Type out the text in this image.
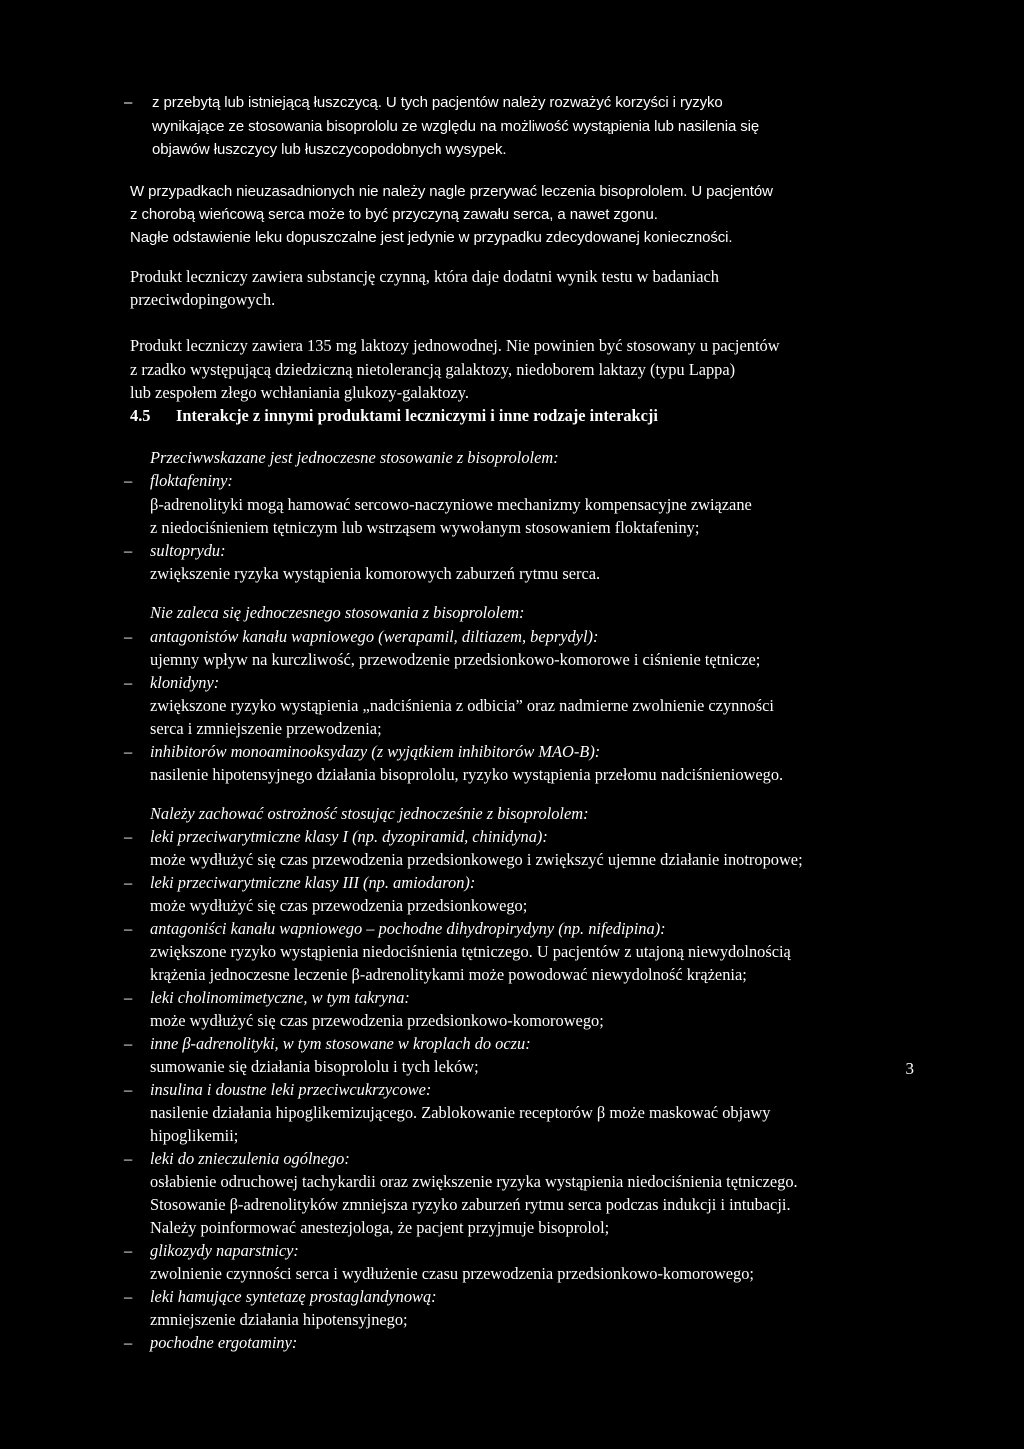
– z przebytą lub istniejącą łuszczycą. U tych pacjentów należy rozważyć korzyści i ryzyko
wynikające ze stosowania bisoprololu ze względu na możliwość wystąpienia lub nasilenia się
objawów łuszczycy lub łuszczycopodobnych wysypek.
W przypadkach nieuzasadnionych nie należy nagle przerywać leczenia bisoprololem. U pacjentów
z chorobą wieńcową serca może to być przyczyną zawału serca, a nawet zgonu.
Nagłe odstawienie leku dopuszczalne jest jedynie w przypadku zdecydowanej konieczności.
Produkt leczniczy zawiera substancję czynną, która daje dodatni wynik testu w badaniach
przeciwdopingowych.
Produkt leczniczy zawiera 135 mg laktozy jednowodnej. Nie powinien być stosowany u pacjentów
z rzadko występującą dziedziczną nietolerancją galaktozy, niedoborem laktazy (typu Lappa)
lub zespołem złego wchłaniania glukozy-galaktozy.
4.5 Interakcje z innymi produktami leczniczymi i inne rodzaje interakcji
Przeciwwskazane jest jednoczesne stosowanie z bisoprololem:
– floktafeniny:
β-adrenolityki mogą hamować sercowo-naczyniowe mechanizmy kompensacyjne związane
z niedociśnieniem tętniczym lub wstrząsem wywołanym stosowaniem floktafeniny;
– sultoprydu:
zwiększenie ryzyka wystąpienia komorowych zaburzeń rytmu serca.
Nie zaleca się jednoczesnego stosowania z bisoprololem:
– antagonistów kanału wapniowego (werapamil, diltiazem, beprydyl):
ujemny wpływ na kurczliwość, przewodzenie przedsionkowo-komorowe i ciśnienie tętnicze;
– klonidyny:
zwiększone ryzyko wystąpienia „nadciśnienia z odbicia” oraz nadmierne zwolnienie czynności
serca i zmniejszenie przewodzenia;
– inhibitorów monoaminooksydazy (z wyjątkiem inhibitorów MAO-B):
nasilenie hipotensyjnego działania bisoprololu, ryzyko wystąpienia przełomu nadciśnieniowego.
Należy zachować ostrożność stosując jednocześnie z bisoprololem:
– leki przeciwarytmiczne klasy I (np. dyzopiramid, chinidyna):
może wydłużyć się czas przewodzenia przedsionkowego i zwiększyć ujemne działanie inotropowe;
– leki przeciwarytmiczne klasy III (np. amiodaron):
może wydłużyć się czas przewodzenia przedsionkowego;
– antagoniści kanału wapniowego – pochodne dihydropirydyny (np. nifedipina):
zwiększone ryzyko wystąpienia niedociśnienia tętniczego. U pacjentów z utajoną niewydolnością
krążenia jednoczesne leczenie β-adrenolitykami może powodować niewydolność krążenia;
– leki cholinomimetyczne, w tym takryna:
może wydłużyć się czas przewodzenia przedsionkowo-komorowego;
– inne β-adrenolityki, w tym stosowane w kroplach do oczu:
sumowanie się działania bisoprololu i tych leków;
– insulina i doustne leki przeciwcukrzycowe:
nasilenie działania hipoglikemizującego. Zablokowanie receptorów β może maskować objawy
hipoglikemii;
– leki do znieczulenia ogólnego:
osłabienie odruchowej tachykardii oraz zwiększenie ryzyka wystąpienia niedociśnienia tętniczego.
Stosowanie β-adrenolityków zmniejsza ryzyko zaburzeń rytmu serca podczas indukcji i intubacji.
Należy poinformować anestezjologa, że pacjent przyjmuje bisoprolol;
– glikozydy naparstnicy:
zwolnienie czynności serca i wydłużenie czasu przewodzenia przedsionkowo-komorowego;
– leki hamujące syntetazę prostaglandynową:
zmniejszenie działania hipotensyjnego;
– pochodne ergotaminy:
3
